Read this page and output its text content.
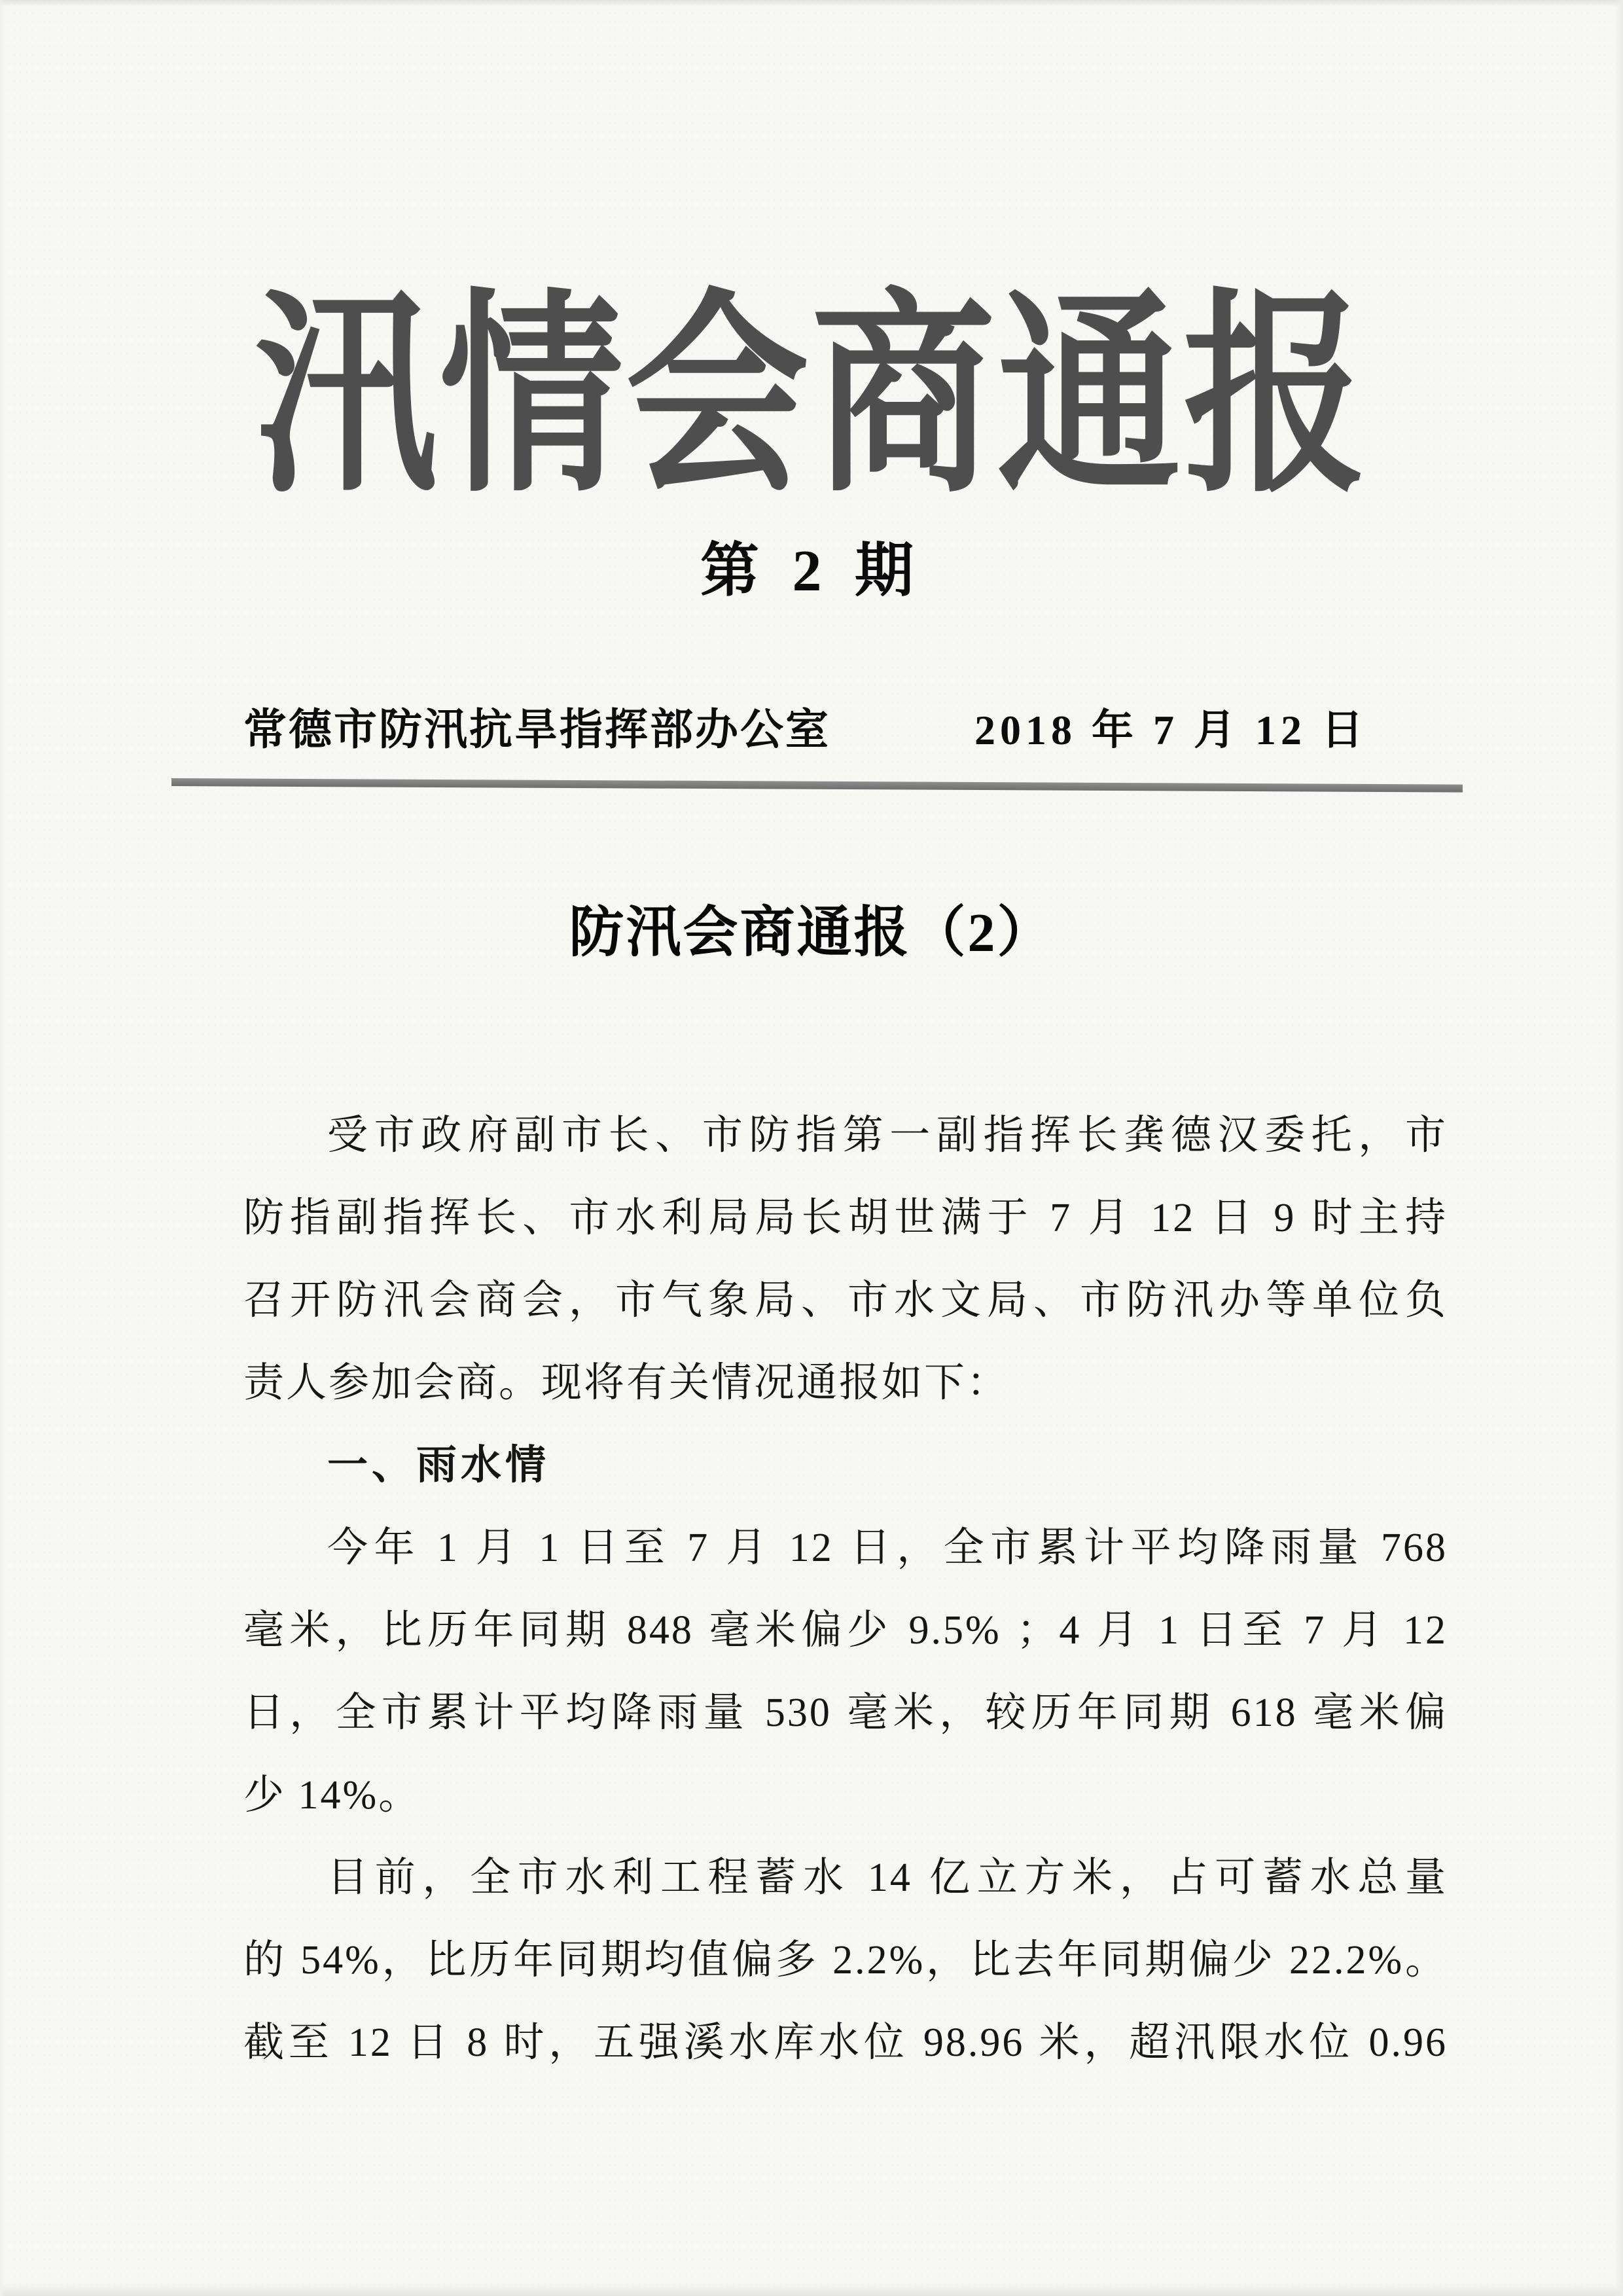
汛情会商通报
第 2 期
常德市防汛抗旱指挥部办公室	2018 年 7 月 12 日
防汛会商通报（2）
受市政府副市长、市防指第一副指挥长龚德汉委托，市
防指副指挥长、市水利局局长胡世满于 7 月 12 日 9 时主持
召开防汛会商会，市气象局、市水文局、市防汛办等单位负
责人参加会商。现将有关情况通报如下：
一、雨水情
今年 1 月 1 日至 7 月 12 日，全市累计平均降雨量 768
毫米，比历年同期 848 毫米偏少 9.5% ；4 月 1 日至 7 月 12
日，全市累计平均降雨量 530 毫米，较历年同期 618 毫米偏
少 14%。
目前，全市水利工程蓄水 14 亿立方米，占可蓄水总量
的 54%，比历年同期均值偏多 2.2%，比去年同期偏少 22.2%。
截至 12 日 8 时，五强溪水库水位 98.96 米，超汛限水位 0.96
